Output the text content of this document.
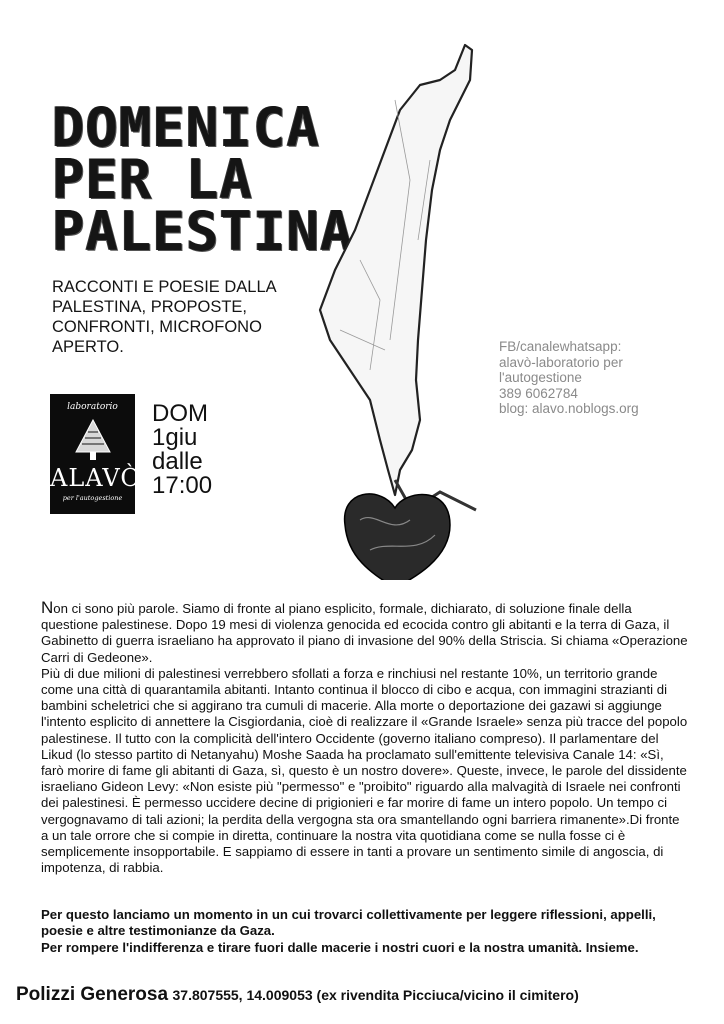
DOMENICA
PER LA
PALESTINA
RACCONTI E POESIE DALLA
PALESTINA, PROPOSTE,
CONFRONTI, MICROFONO
APERTO.	FB/canalewhatsapp:
alavò-laboratorio per
l'autogestione
389 6062784
blog: alavo.noblogs.org
laboratorio
ALAVÒ
per l'autogestione
DOM
1giu
dalle
17:00

Non ci sono più parole. Siamo di fronte al piano esplicito, formale, dichiarato, di soluzione finale della questione palestinese. Dopo 19 mesi di violenza genocida ed ecocida contro gli abitanti e la terra di Gaza, il Gabinetto di guerra israeliano ha approvato il piano di invasione del 90% della Striscia. Si chiama «Operazione Carri di Gedeone».

Più di due milioni di palestinesi verrebbero sfollati a forza e rinchiusi nel restante 10%, un territorio grande come una città di quarantamila abitanti. Intanto continua il blocco di cibo e acqua, con immagini strazianti di bambini scheletrici che si aggirano tra cumuli di macerie. Alla morte o deportazione dei gazawi si aggiunge l'intento esplicito di annettere la Cisgiordania, cioè di realizzare il «Grande Israele» senza più tracce del popolo palestinese. Il tutto con la complicità dell'intero Occidente (governo italiano compreso). Il parlamentare del Likud (lo stesso partito di Netanyahu) Moshe Saada ha proclamato sull'emittente televisiva Canale 14: «Sì, farò morire di fame gli abitanti di Gaza, sì, questo è un nostro dovere». Queste, invece, le parole del dissidente israeliano Gideon Levy: «Non esiste più "permesso" e "proibito" riguardo alla malvagità di Israele nei confronti dei palestinesi. È permesso uccidere decine di prigionieri e far morire di fame un intero popolo. Un tempo ci vergognavamo di tali azioni; la perdita della vergogna sta ora smantellando ogni barriera rimanente».Di fronte a un tale orrore che si compie in diretta, continuare la nostra vita quotidiana come se nulla fosse ci è semplicemente insopportabile. E sappiamo di essere in tanti a provare un sentimento simile di angoscia, di impotenza, di rabbia.

Per questo lanciamo un momento in un cui trovarci collettivamente per leggere riflessioni, appelli, poesie e altre testimonianze da Gaza.

Per rompere l'indifferenza e tirare fuori dalle macerie i nostri cuori e la nostra umanità. Insieme.

Polizzi Generosa 37.807555, 14.009053 (ex rivendita Picciuca/vicino il cimitero)
